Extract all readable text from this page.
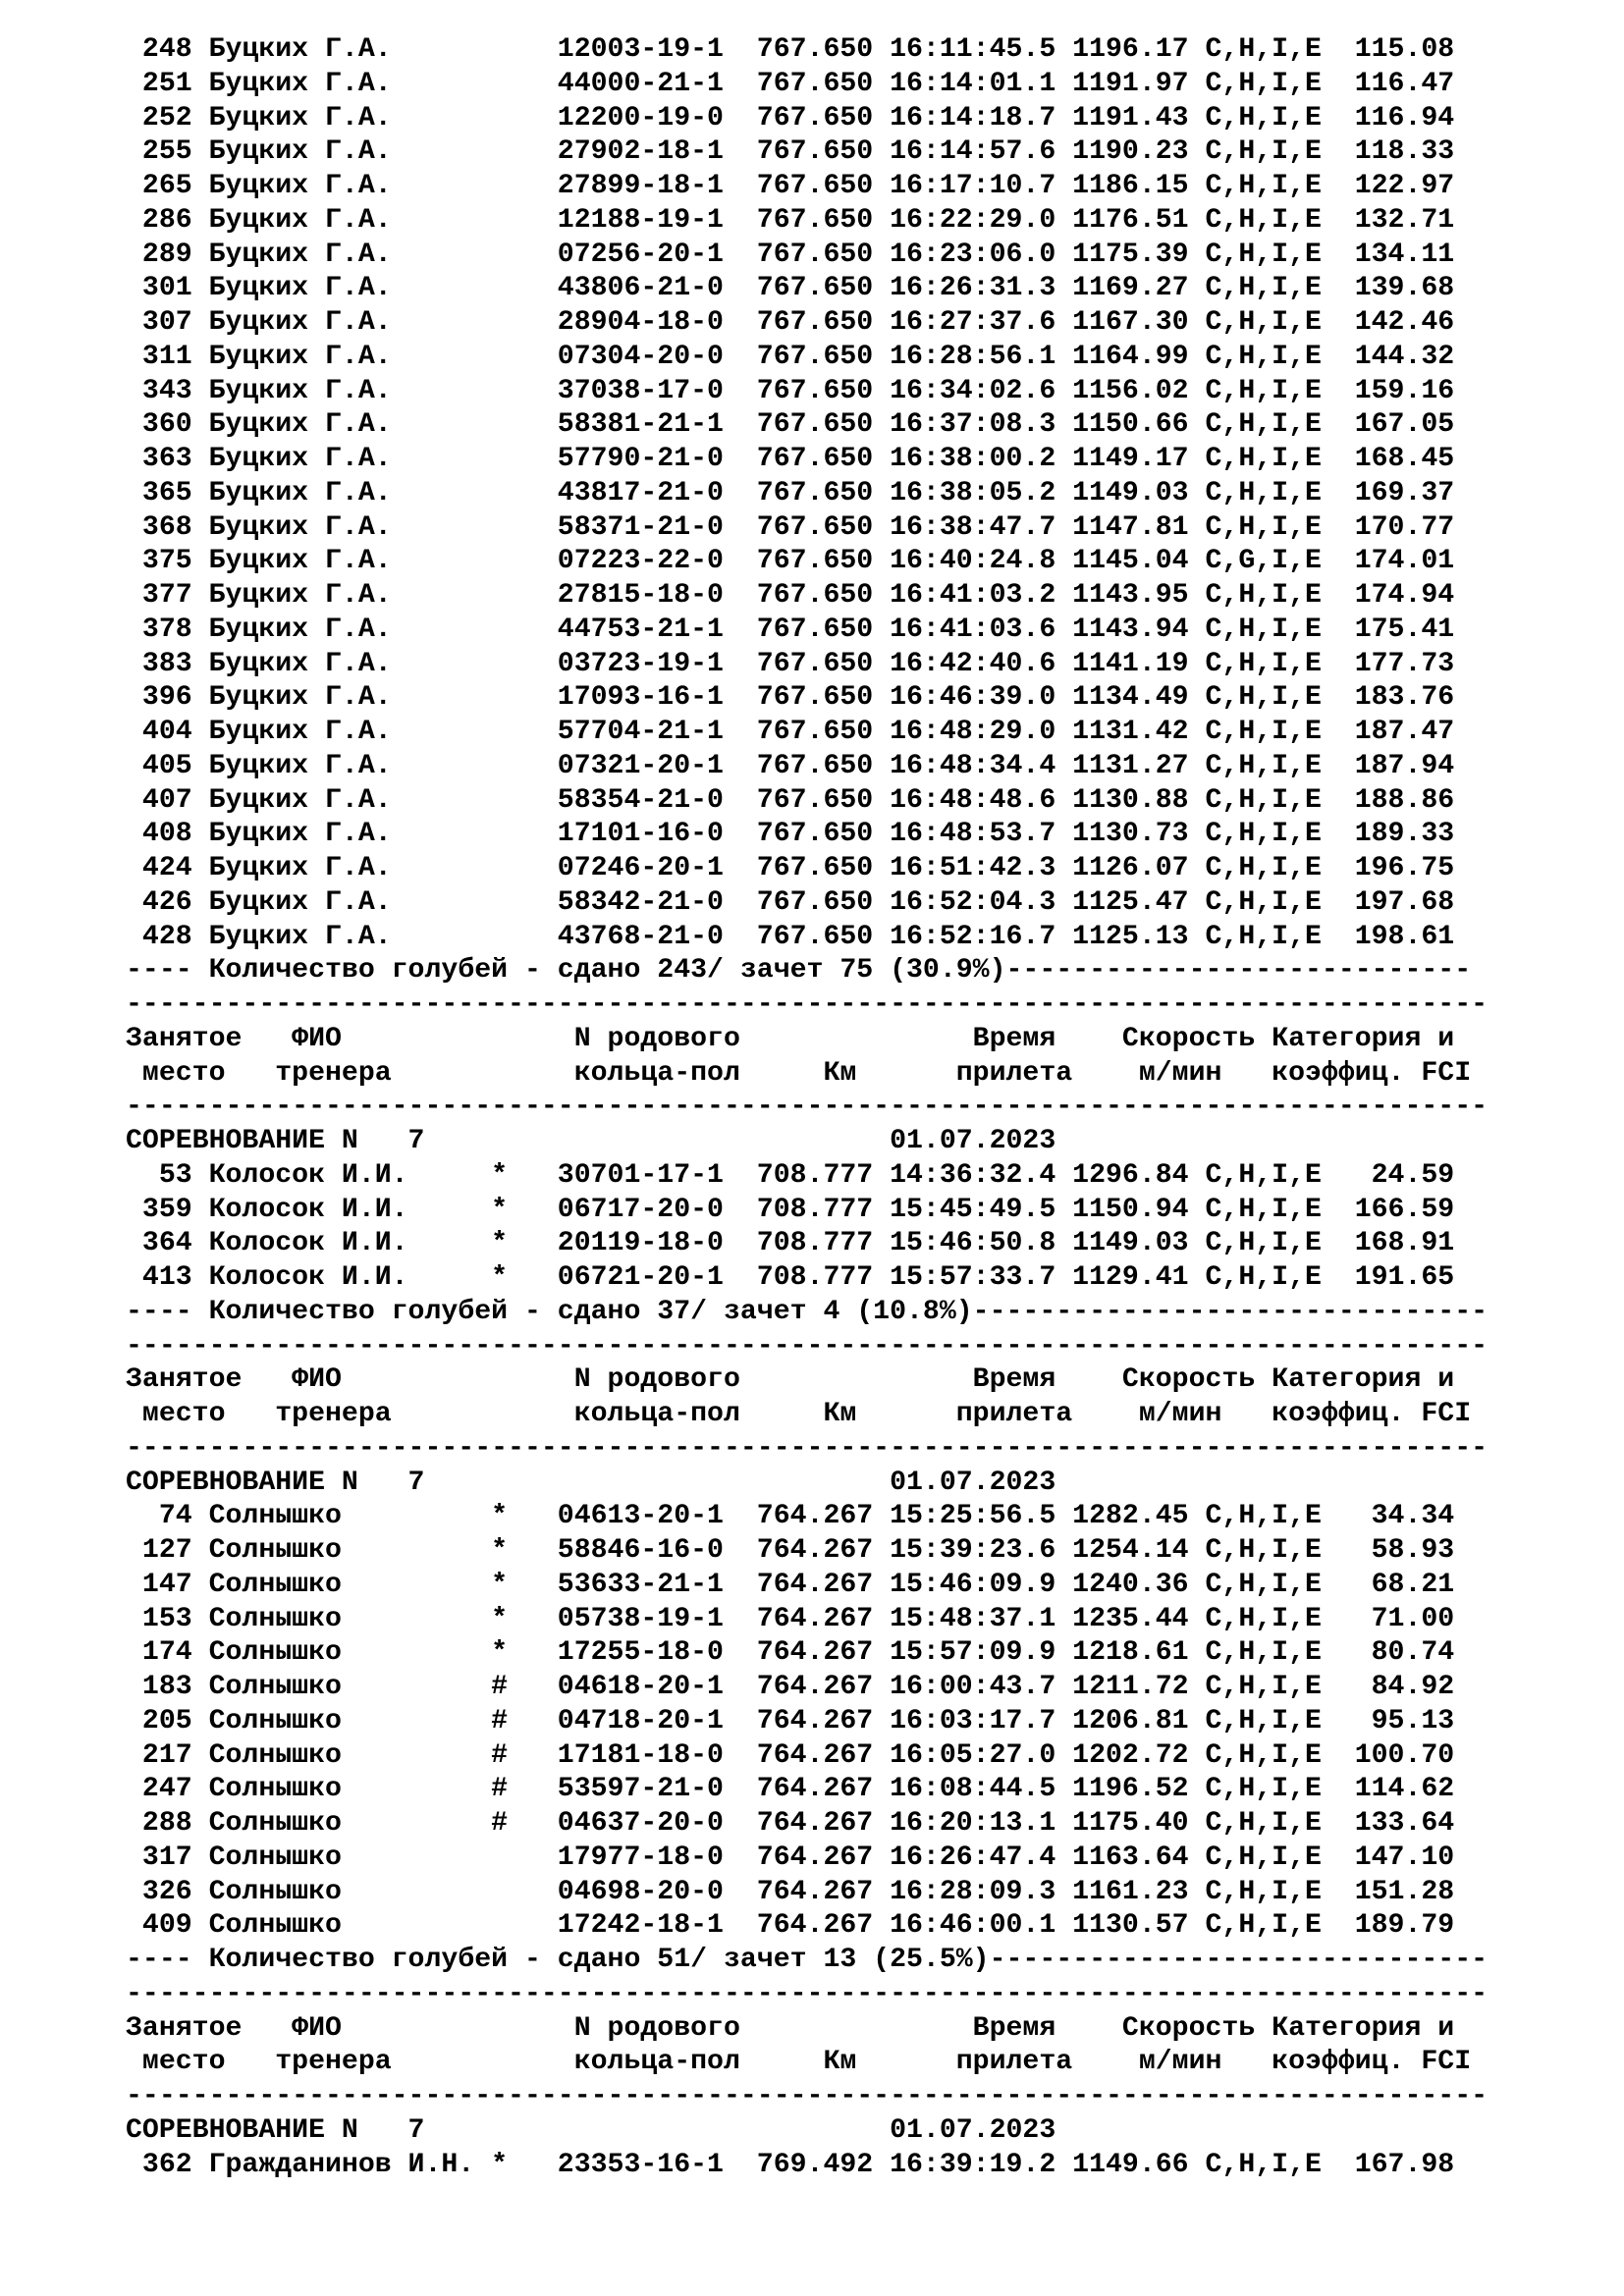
248 Буцких Г.А.          12003-19-1  767.650 16:11:45.5 1196.17 C,H,I,E  115.08
251 Буцких Г.А.          44000-21-1  767.650 16:14:01.1 1191.97 C,H,I,E  116.47
252 Буцких Г.А.          12200-19-0  767.650 16:14:18.7 1191.43 C,H,I,E  116.94
255 Буцких Г.А.          27902-18-1  767.650 16:14:57.6 1190.23 C,H,I,E  118.33
265 Буцких Г.А.          27899-18-1  767.650 16:17:10.7 1186.15 C,H,I,E  122.97
286 Буцких Г.А.          12188-19-1  767.650 16:22:29.0 1176.51 C,H,I,E  132.71
289 Буцких Г.А.          07256-20-1  767.650 16:23:06.0 1175.39 C,H,I,E  134.11
301 Буцких Г.А.          43806-21-0  767.650 16:26:31.3 1169.27 C,H,I,E  139.68
307 Буцких Г.А.          28904-18-0  767.650 16:27:37.6 1167.30 C,H,I,E  142.46
311 Буцких Г.А.          07304-20-0  767.650 16:28:56.1 1164.99 C,H,I,E  144.32
343 Буцких Г.А.          37038-17-0  767.650 16:34:02.6 1156.02 C,H,I,E  159.16
360 Буцких Г.А.          58381-21-1  767.650 16:37:08.3 1150.66 C,H,I,E  167.05
363 Буцких Г.А.          57790-21-0  767.650 16:38:00.2 1149.17 C,H,I,E  168.45
365 Буцких Г.А.          43817-21-0  767.650 16:38:05.2 1149.03 C,H,I,E  169.37
368 Буцких Г.А.          58371-21-0  767.650 16:38:47.7 1147.81 C,H,I,E  170.77
375 Буцких Г.А.          07223-22-0  767.650 16:40:24.8 1145.04 C,G,I,E  174.01
377 Буцких Г.А.          27815-18-0  767.650 16:41:03.2 1143.95 C,H,I,E  174.94
378 Буцких Г.А.          44753-21-1  767.650 16:41:03.6 1143.94 C,H,I,E  175.41
383 Буцких Г.А.          03723-19-1  767.650 16:42:40.6 1141.19 C,H,I,E  177.73
396 Буцких Г.А.          17093-16-1  767.650 16:46:39.0 1134.49 C,H,I,E  183.76
404 Буцких Г.А.          57704-21-1  767.650 16:48:29.0 1131.42 C,H,I,E  187.47
405 Буцких Г.А.          07321-20-1  767.650 16:48:34.4 1131.27 C,H,I,E  187.94
407 Буцких Г.А.          58354-21-0  767.650 16:48:48.6 1130.88 C,H,I,E  188.86
408 Буцких Г.А.          17101-16-0  767.650 16:48:53.7 1130.73 C,H,I,E  189.33
424 Буцких Г.А.          07246-20-1  767.650 16:51:42.3 1126.07 C,H,I,E  196.75
426 Буцких Г.А.          58342-21-0  767.650 16:52:04.3 1125.47 C,H,I,E  197.68
428 Буцких Г.А.          43768-21-0  767.650 16:52:16.7 1125.13 C,H,I,E  198.61
---- Количество голубей - сдано 243/ зачет 75 (30.9%)----------------------------
----------------------------------------------------------------------------------
Занятое   ФИО              N родового              Время    Скорость Категория и
место   тренера           кольца-пол     Км      прилета    м/мин   коэффиц. FCI
----------------------------------------------------------------------------------
СОРЕВНОВАНИЕ N   7                            01.07.2023
53 Колосок И.И.     *   30701-17-1  708.777 14:36:32.4 1296.84 C,H,I,E   24.59
359 Колосок И.И.     *   06717-20-0  708.777 15:45:49.5 1150.94 C,H,I,E  166.59
364 Колосок И.И.     *   20119-18-0  708.777 15:46:50.8 1149.03 C,H,I,E  168.91
413 Колосок И.И.     *   06721-20-1  708.777 15:57:33.7 1129.41 C,H,I,E  191.65
---- Количество голубей - сдано 37/ зачет 4 (10.8%)-------------------------------
----------------------------------------------------------------------------------
Занятое   ФИО              N родового              Время    Скорость Категория и
место   тренера           кольца-пол     Км      прилета    м/мин   коэффиц. FCI
----------------------------------------------------------------------------------
СОРЕВНОВАНИЕ N   7                            01.07.2023
74 Солнышко         *   04613-20-1  764.267 15:25:56.5 1282.45 C,H,I,E   34.34
127 Солнышко         *   58846-16-0  764.267 15:39:23.6 1254.14 C,H,I,E   58.93
147 Солнышко         *   53633-21-1  764.267 15:46:09.9 1240.36 C,H,I,E   68.21
153 Солнышко         *   05738-19-1  764.267 15:48:37.1 1235.44 C,H,I,E   71.00
174 Солнышко         *   17255-18-0  764.267 15:57:09.9 1218.61 C,H,I,E   80.74
183 Солнышко         #   04618-20-1  764.267 16:00:43.7 1211.72 C,H,I,E   84.92
205 Солнышко         #   04718-20-1  764.267 16:03:17.7 1206.81 C,H,I,E   95.13
217 Солнышко         #   17181-18-0  764.267 16:05:27.0 1202.72 C,H,I,E  100.70
247 Солнышко         #   53597-21-0  764.267 16:08:44.5 1196.52 C,H,I,E  114.62
288 Солнышко         #   04637-20-0  764.267 16:20:13.1 1175.40 C,H,I,E  133.64
317 Солнышко             17977-18-0  764.267 16:26:47.4 1163.64 C,H,I,E  147.10
326 Солнышко             04698-20-0  764.267 16:28:09.3 1161.23 C,H,I,E  151.28
409 Солнышко             17242-18-1  764.267 16:46:00.1 1130.57 C,H,I,E  189.79
---- Количество голубей - сдано 51/ зачет 13 (25.5%)------------------------------
----------------------------------------------------------------------------------
Занятое   ФИО              N родового              Время    Скорость Категория и
место   тренера           кольца-пол     Км      прилета    м/мин   коэффиц. FCI
----------------------------------------------------------------------------------
СОРЕВНОВАНИЕ N   7                            01.07.2023
362 Гражданинов И.Н. *   23353-16-1  769.492 16:39:19.2 1149.66 C,H,I,E  167.98
